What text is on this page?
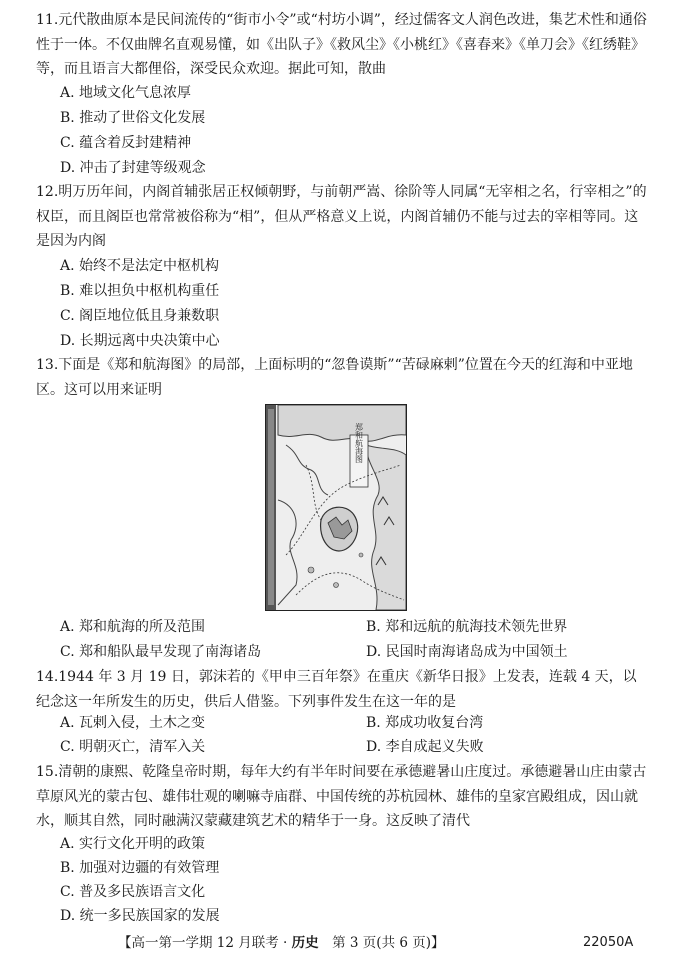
11.元代散曲原本是民间流传的“街市小令”或“村坊小调”，经过儒客文人润色改进，集艺术性和通俗性于一体。不仅曲牌名直观易懂，如《出队子》《救风尘》《小桃红》《喜春来》《单刀会》《红绣鞋》等，而且语言大都俚俗，深受民众欢迎。据此可知，散曲
A. 地域文化气息浓厚
B. 推动了世俗文化发展
C. 蕴含着反封建精神
D. 冲击了封建等级观念
12.明万历年间，内阁首辅张居正权倾朝野，与前朝严嵩、徐阶等人同属“无宰相之名，行宰相之”的权臣，而且阁臣也常常被俗称为“相”，但从严格意义上说，内阁首辅仍不能与过去的宰相等同。这是因为内阁
A. 始终不是法定中枢机构
B. 难以担负中枢机构重任
C. 阁臣地位低且身兼数职
D. 长期远离中央决策中心
13.下面是《郑和航海图》的局部，上面标明的“忽鲁谟斯”“苦碌麻剌”位置在今天的红海和中亚地区。这可以用来证明
郑和航海图
A. 郑和航海的所及范围	B. 郑和远航的航海技术领先世界
C. 郑和船队最早发现了南海诸岛	D. 民国时南海诸岛成为中国领土
14.1944 年 3 月 19 日，郭沫若的《甲申三百年祭》在重庆《新华日报》上发表，连载 4 天，以纪念这一年所发生的历史，供后人借鉴。下列事件发生在这一年的是
A. 瓦剌入侵，土木之变	B. 郑成功收复台湾
C. 明朝灭亡，清军入关	D. 李自成起义失败
15.清朝的康熙、乾隆皇帝时期，每年大约有半年时间要在承德避暑山庄度过。承德避暑山庄由蒙古草原风光的蒙古包、雄伟壮观的喇嘛寺庙群、中国传统的苏杭园林、雄伟的皇家宫殿组成，因山就水，顺其自然，同时融满汉蒙藏建筑艺术的精华于一身。这反映了清代
A. 实行文化开明的政策
B. 加强对边疆的有效管理
C. 普及多民族语言文化
D. 统一多民族国家的发展
【高一第一学期 12 月联考 · 历史　第 3 页(共 6 页)】	22050A
